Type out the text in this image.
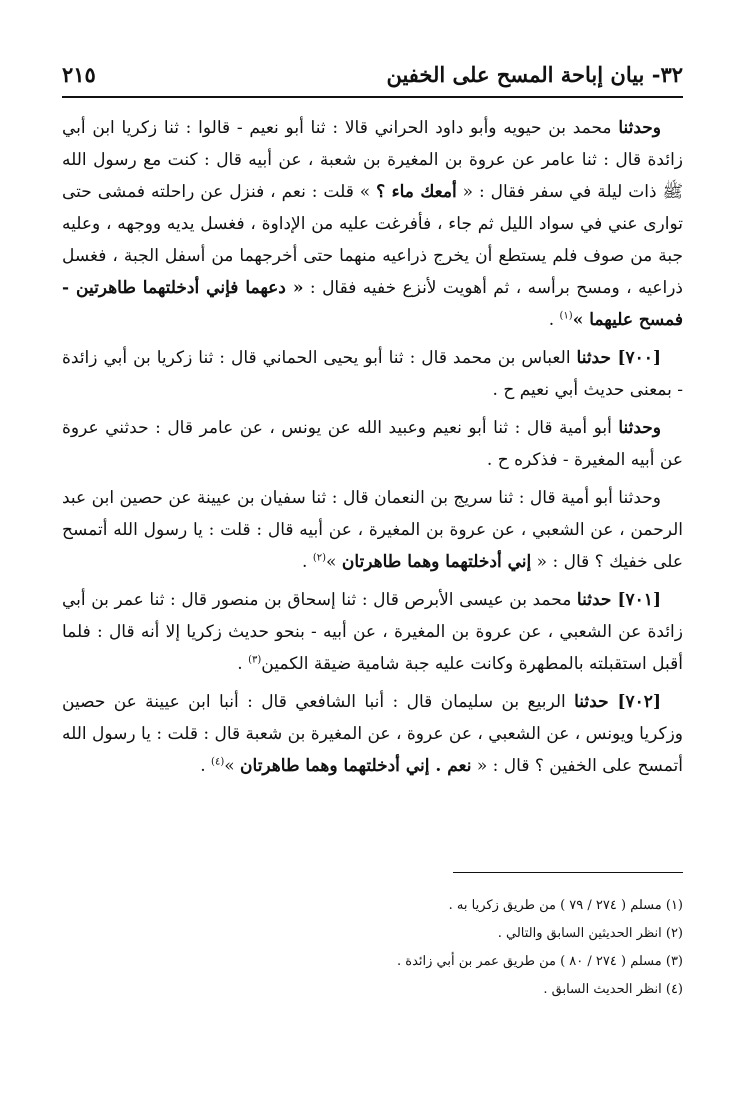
٣٢- بيان إباحة المسح على الخفين
٢١٥

وحدثنا محمد بن حيويه وأبو داود الحراني قالا : ثنا أبو نعيم - قالوا : ثنا زكريا ابن أبي زائدة قال : ثنا عامر عن عروة بن المغيرة بن شعبة ، عن أبيه قال : كنت مع رسول الله ﷺ ذات ليلة في سفر فقال : « أمعك ماء ؟ » قلت : نعم ، فنزل عن راحلته فمشى حتى توارى عني في سواد الليل ثم جاء ، فأفرغت عليه من الإداوة ، فغسل يديه ووجهه ، وعليه جبة من صوف فلم يستطع أن يخرج ذراعيه منهما حتى أخرجهما من أسفل الجبة ، فغسل ذراعيه ، ومسح برأسه ، ثم أهويت لأنزع خفيه فقال : « دعهما فإني أدخلتهما طاهرتين - فمسح عليهما »$^{(١)}$ .

[٧٠٠] حدثنا العباس بن محمد قال : ثنا أبو يحيى الحماني قال : ثنا زكريا بن أبي زائدة - بمعنى حديث أبي نعيم ح .

وحدثنا أبو أمية قال : ثنا أبو نعيم وعبيد الله عن يونس ، عن عامر قال : حدثني عروة عن أبيه المغيرة - فذكره ح .

وحدثنا أبو أمية قال : ثنا سريج بن النعمان قال : ثنا سفيان بن عيينة عن حصين ابن عبد الرحمن ، عن الشعبي ، عن عروة بن المغيرة ، عن أبيه قال : قلت : يا رسول الله أتمسح على خفيك ؟ قال : « إني أدخلتهما وهما طاهرتان »$^{(٢)}$ .

[٧٠١] حدثنا محمد بن عيسى الأبرص قال : ثنا إسحاق بن منصور قال : ثنا عمر بن أبي زائدة عن الشعبي ، عن عروة بن المغيرة ، عن أبيه - بنحو حديث زكريا إلا أنه قال : فلما أقبل استقبلته بالمطهرة وكانت عليه جبة شامية ضيقة الكمين$^{(٣)}$ .

[٧٠٢] حدثنا الربيع بن سليمان قال : أنبا الشافعي قال : أنبا ابن عيينة عن حصين وزكريا ويونس ، عن الشعبي ، عن عروة ، عن المغيرة بن شعبة قال : قلت : يا رسول الله أتمسح على الخفين ؟ قال : « نعم . إني أدخلتهما وهما طاهرتان »$^{(٤)}$ .

(١) مسلم ( ٢٧٤ / ٧٩ ) من طريق زكريا به .

(٢) انظر الحديثين السابق والتالي .

(٣) مسلم ( ٢٧٤ / ٨٠ ) من طريق عمر بن أبي زائدة .

(٤) انظر الحديث السابق .
